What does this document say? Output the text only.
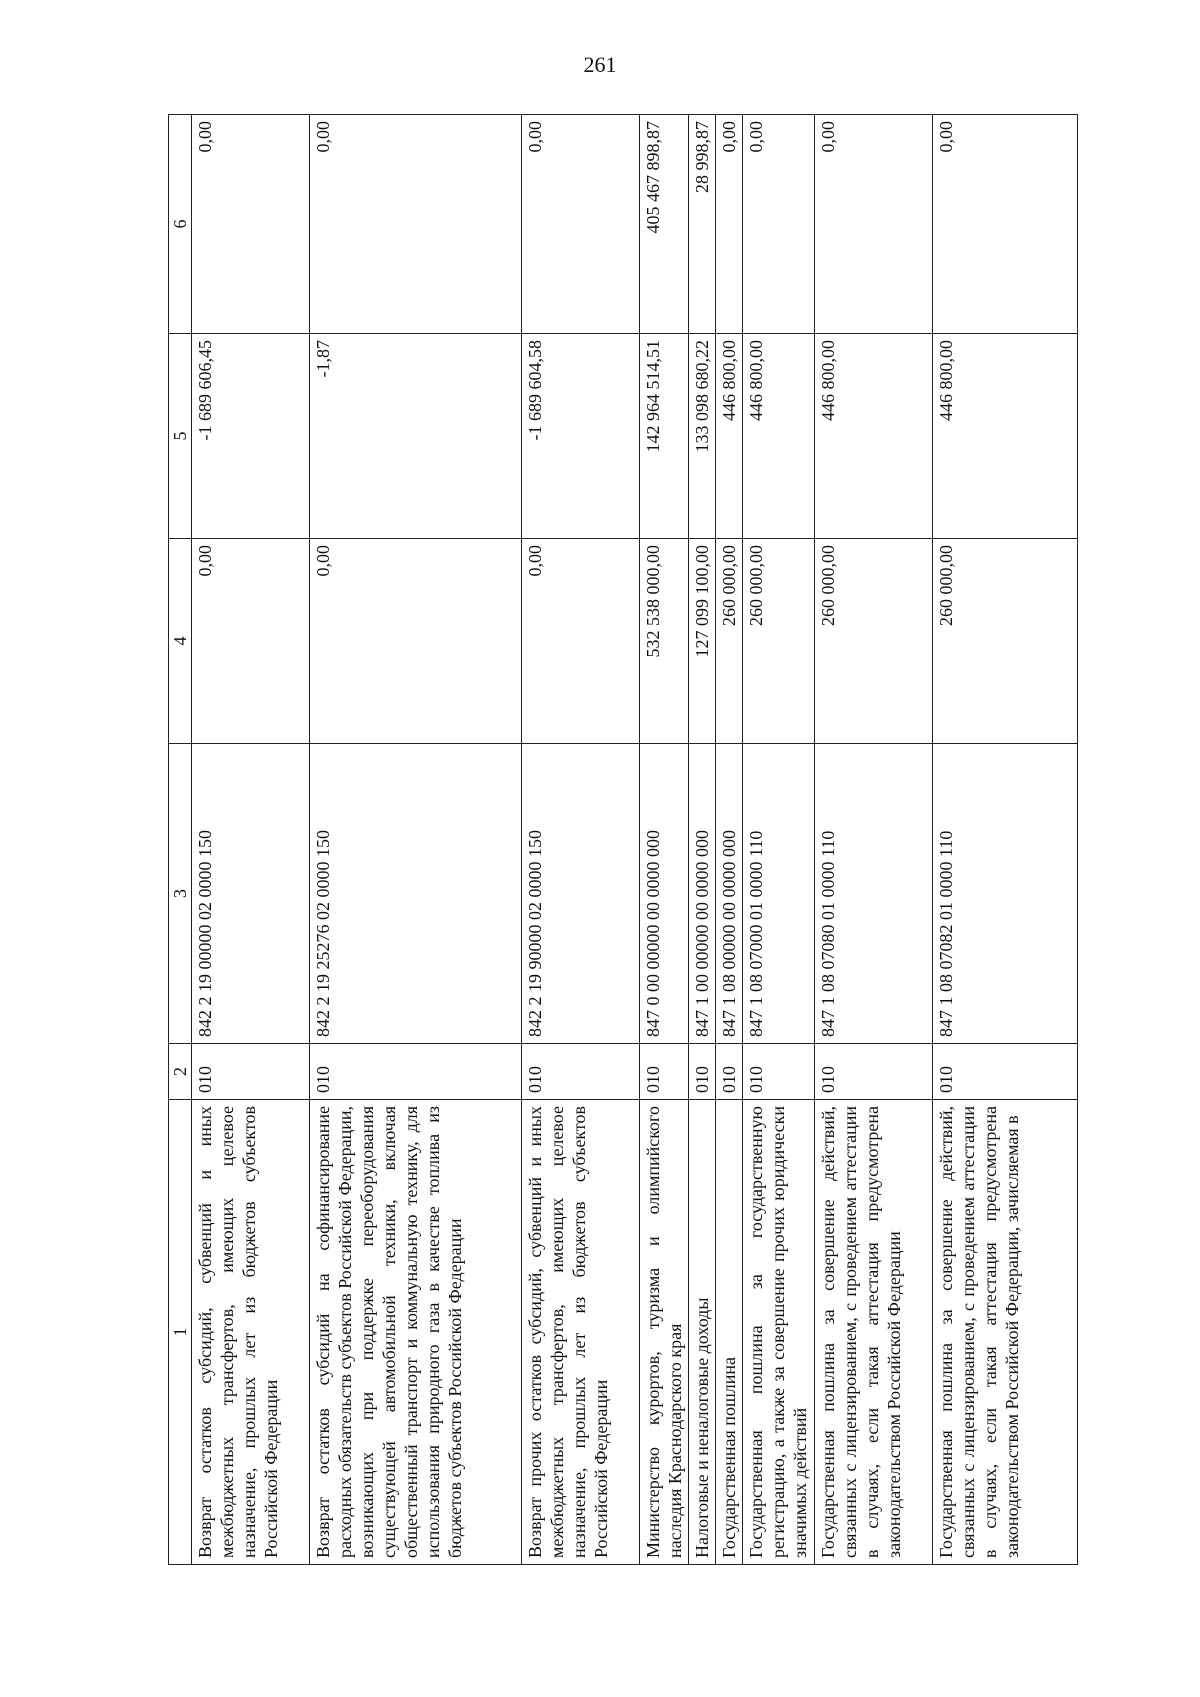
261
1	2	3	4	5	6
Возврат остатков субсидий, субвенций и иных межбюджетных трансфертов, имеющих целевое назначение, прошлых лет из бюджетов субъектов Российской Федерации	010	842 2 19 00000 02 0000 150	0,00	-1 689 606,45	0,00
Возврат остатков субсидий на софинансирование расходных обязательств субъектов Российской Федерации, возникающих при поддержке переоборудования существующей автомобильной техники, включая общественный транспорт и коммунальную технику, для использования природного газа в качестве топлива из бюджетов субъектов Российской Федерации	010	842 2 19 25276 02 0000 150	0,00	-1,87	0,00
Возврат прочих остатков субсидий, субвенций и иных межбюджетных трансфертов, имеющих целевое назначение, прошлых лет из бюджетов субъектов Российской Федерации	010	842 2 19 90000 02 0000 150	0,00	-1 689 604,58	0,00
Министерство курортов, туризма и олимпийского наследия Краснодарского края	010	847 0 00 00000 00 0000 000	532 538 000,00	142 964 514,51	405 467 898,87
Налоговые и неналоговые доходы	010	847 1 00 00000 00 0000 000	127 099 100,00	133 098 680,22	28 998,87
Государственная пошлина	010	847 1 08 00000 00 0000 000	260 000,00	446 800,00	0,00
Государственная пошлина за государственную регистрацию, а также за совершение прочих юридически значимых действий	010	847 1 08 07000 01 0000 110	260 000,00	446 800,00	0,00
Государственная пошлина за совершение действий, связанных с лицензированием, с проведением аттестации в случаях, если такая аттестация предусмотрена законодательством Российской Федерации	010	847 1 08 07080 01 0000 110	260 000,00	446 800,00	0,00
Государственная пошлина за совершение действий, связанных с лицензированием, с проведением аттестации в случаях, если такая аттестация предусмотрена законодательством Российской Федерации, зачисляемая в	010	847 1 08 07082 01 0000 110	260 000,00	446 800,00	0,00
